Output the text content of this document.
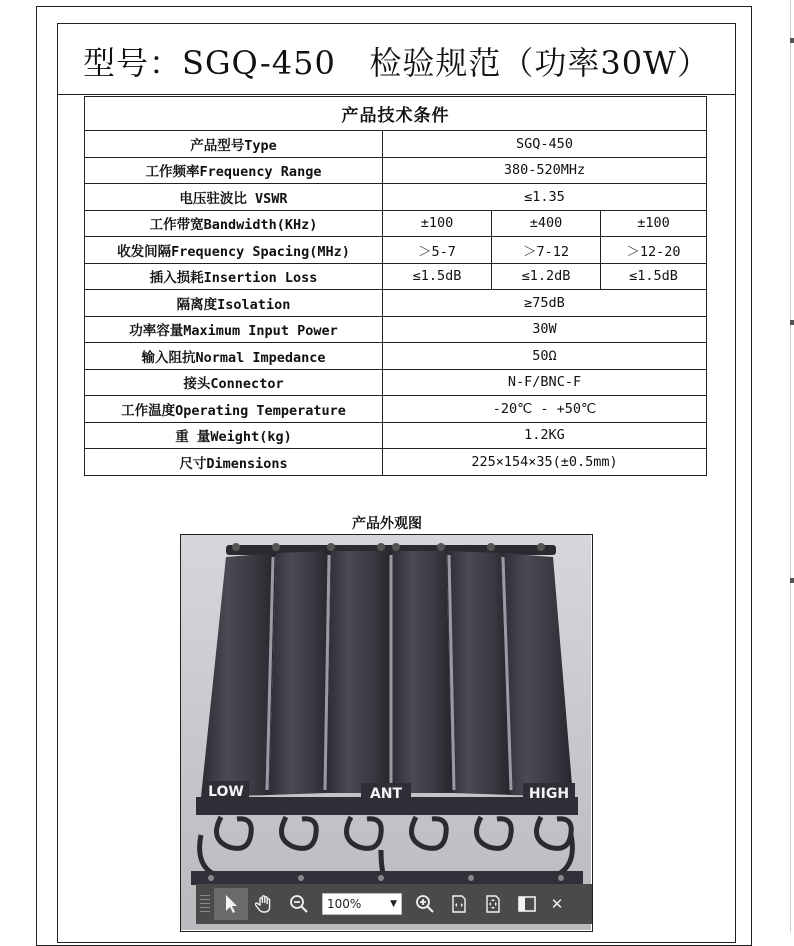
型号：SGQ-450   检验规范（功率30W）
产品技术条件			
产品型号Type	SGQ-450		
工作频率Frequency Range	380-520MHz		
电压驻波比 VSWR	≤1.35		
工作带宽Bandwidth(KHz)	±100	±400	±100
收发间隔Frequency Spacing(MHz)	＞5-7	＞7-12	＞12-20
插入损耗Insertion Loss	≤1.5dB	≤1.2dB	≤1.5dB
隔离度Isolation	≥75dB		
功率容量Maximum Input Power	30W		
输入阻抗Normal Impedance	50Ω		
接头Connector	N-F/BNC-F		
工作温度Operating Temperature	-20℃ - +50℃		
重 量Weight(kg)	1.2KG		
尺寸Dimensions	225×154×35(±0.5mm)		
产品外观图
LOW	ANT	HIGH
100%	▼	✕
